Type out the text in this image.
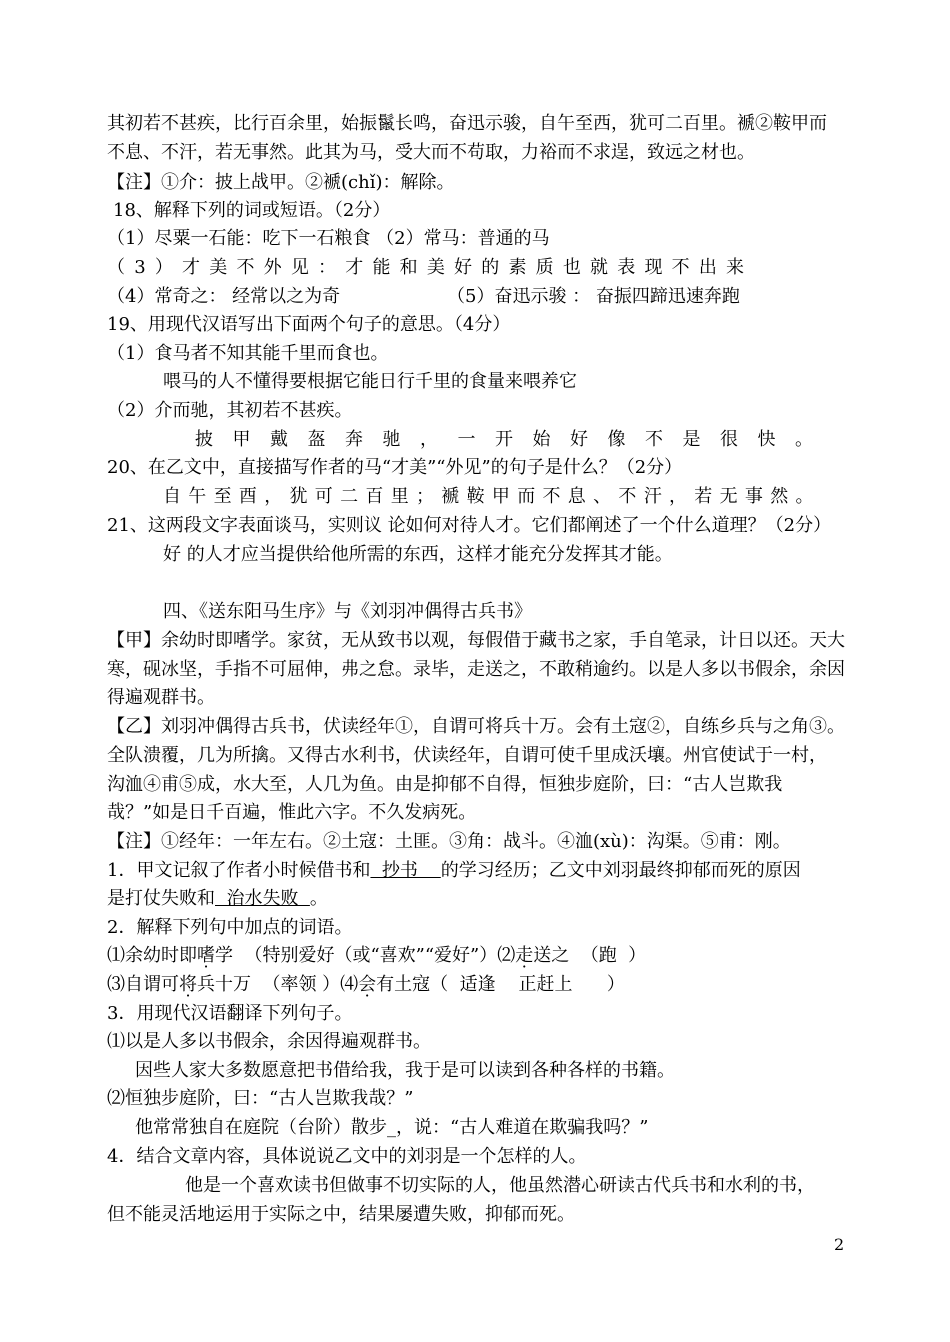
其初若不甚疾，比行百余里，始振鬣长鸣，奋迅示骏，自午至西，犹可二百里。褫②鞍甲而
不息、不汗，若无事然。此其为马，受大而不苟取，力裕而不求逞，致远之材也。
【注】①介：披上战甲。②褫(chǐ)：解除。
18、解释下列的词或短语。（2分）
（1）尽粟一石能：吃下一石粮食 （2）常马：普通的马
（3）才美不外见：才能和美好的素质也就表现不出来
（4）常奇之： 经常以之为奇	（5）奋迅示骏 ： 奋振四蹄迅速奔跑
19、用现代汉语写出下面两个句子的意思。（4分）
（1）食马者不知其能千里而食也。
喂马的人不懂得要根据它能日行千里的食量来喂养它
（2）介而驰，其初若不甚疾。
披甲戴盔奔驰，一开始好像不是很快。
20、在乙文中，直接描写作者的马“才美”“外见”的句子是什么？（2分）
自午至酉，犹可二百里；褫鞍甲而不息、不汗，若无事然。
21、这两段文字表面谈马，实则议 论如何对待人才。它们都阐述了一个什么道理？（2分）
好 的人才应当提供给他所需的东西，这样才能充分发挥其才能。
四、《送东阳马生序》与《刘羽冲偶得古兵书》
【甲】余幼时即嗜学。家贫，无从致书以观，每假借于藏书之家，手自笔录，计日以还。天大
寒，砚冰坚，手指不可屈伸，弗之怠。录毕，走送之，不敢稍逾约。以是人多以书假余，余因
得遍观群书。
【乙】刘羽冲偶得古兵书，伏读经年①，自谓可将兵十万。会有土寇②，自练乡兵与之角③。
全队溃覆，几为所擒。又得古水利书，伏读经年，自谓可使千里成沃壤。州官使试于一村，
沟洫④甫⑤成，水大至，人几为鱼。由是抑郁不自得，恒独步庭阶，曰：“古人岂欺我
哉？”如是日千百遍，惟此六字。不久发病死。
【注】①经年：一年左右。②土寇：土匪。③角：战斗。④洫(xù)：沟渠。⑤甫：刚。
1．甲文记叙了作者小时候借书和  抄书    的学习经历；乙文中刘羽最终抑郁而死的原因
是打仗失败和  治水失败  。
2．解释下列句中加点的词语。
⑴余幼时即嗜学  （特别爱好（或“喜欢”“爱好”）⑵走送之  （跑  ）
⑶自谓可将兵十万  （率领 ）⑷会有土寇（  适逢    正赶上      ）
3．用现代汉语翻译下列句子。
⑴以是人多以书假余，余因得遍观群书。
因些人家大多数愿意把书借给我，我于是可以读到各种各样的书籍。
⑵恒独步庭阶，曰：“古人岂欺我哉？”
他常常独自在庭院（台阶）散步_，说：“古人难道在欺骗我吗？”
4．结合文章内容，具体说说乙文中的刘羽是一个怎样的人。
他是一个喜欢读书但做事不切实际的人，他虽然潜心研读古代兵书和水利的书，
但不能灵活地运用于实际之中，结果屡遭失败，抑郁而死。
2
